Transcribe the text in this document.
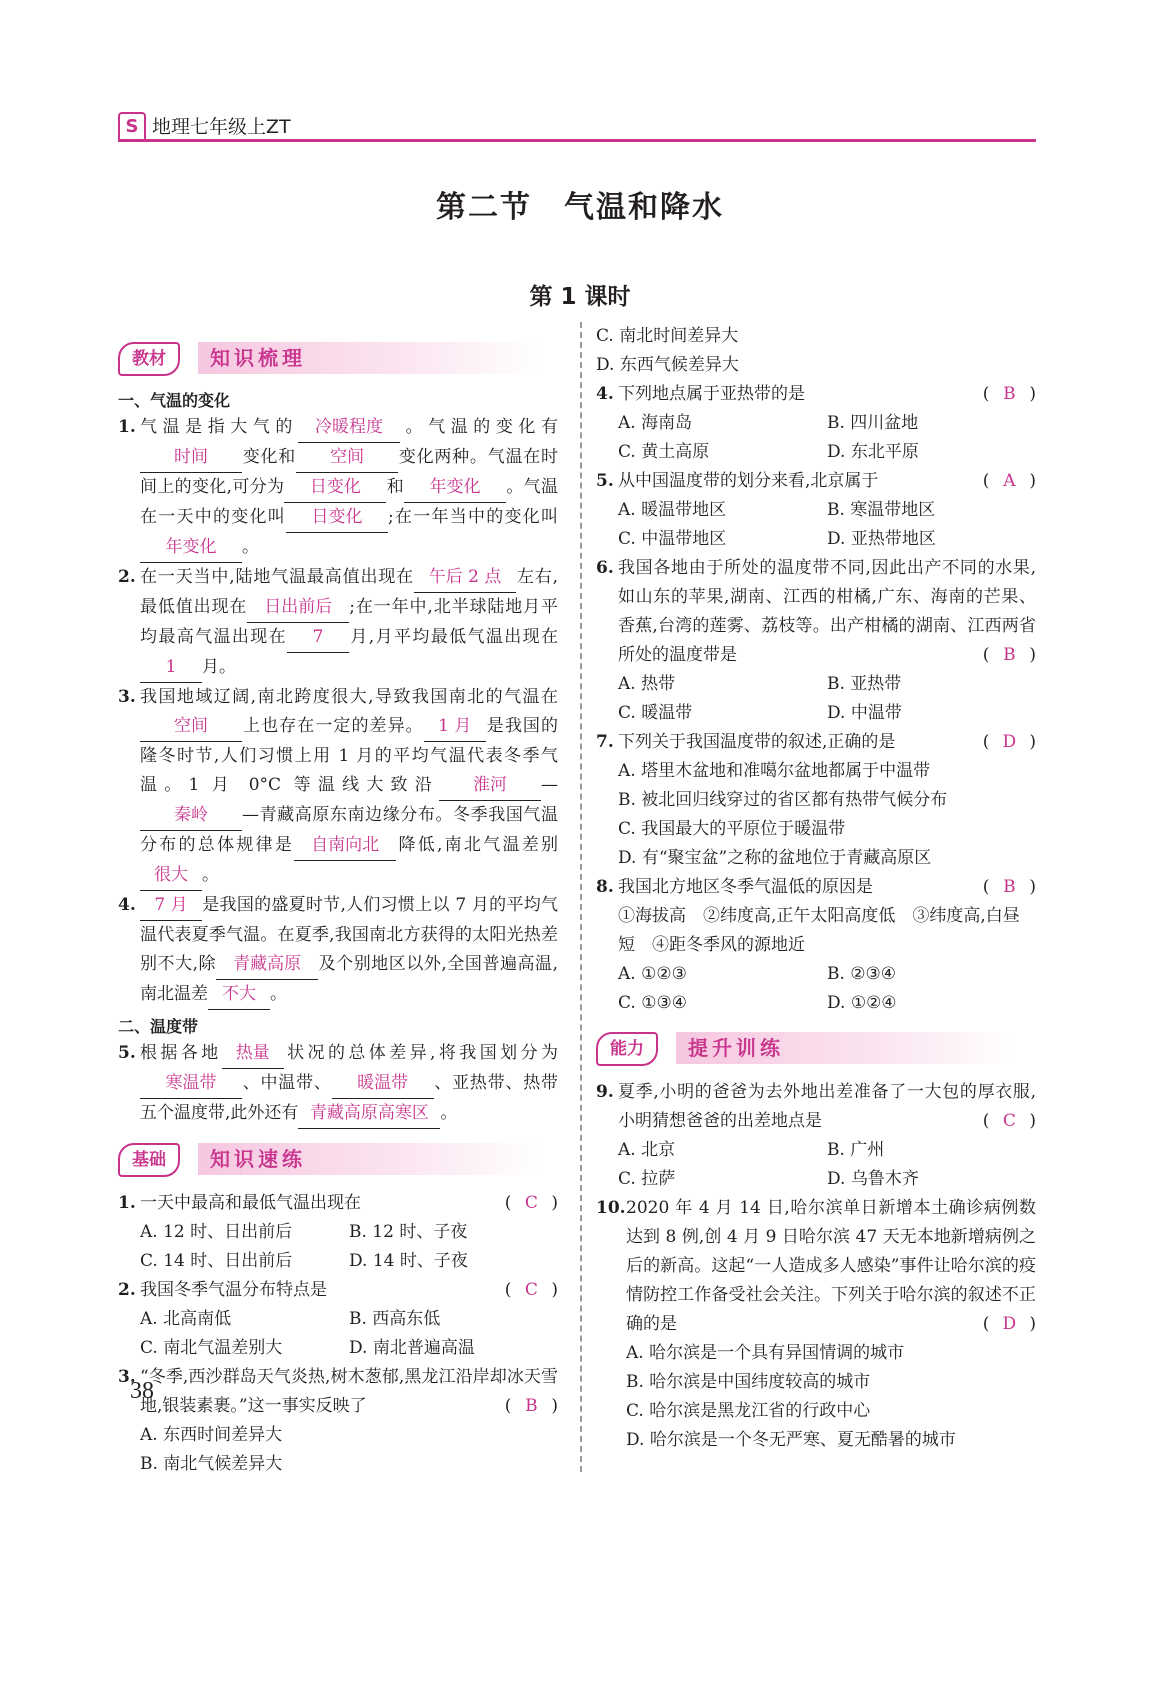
S 地理七年级上ZT
第二节　气温和降水
第 1 课时
教材	知识梳理
一、气温的变化
1. 气温是指大气的 冷暖程度 。气温的变化有时间 变化和 空间 变化两种。气温在时间上的变化,可分为 日变化 和 年变化 。气温在一天中的变化叫 日变化 ;在一年当中的变化叫年变化 。
2. 在一天当中,陆地气温最高值出现在 午后 2 点 左右,最低值出现在 日出前后 ;在一年中,北半球陆地月平均最高气温出现在 7 月,月平均最低气温出现在1 月。
3. 我国地域辽阔,南北跨度很大,导致我国南北的气温在空间 上也存在一定的差异。 1 月 是我国的隆冬时节,人们习惯上用 1 月的平均气温代表冬季气温。1 月 0°C 等温线大致沿 淮河 —秦岭 —青藏高原东南边缘分布。冬季我国气温分布的总体规律是 自南向北 降低,南北气温差别很大 。
4. 7 月 是我国的盛夏时节,人们习惯上以 7 月的平均气温代表夏季气温。在夏季,我国南北方获得的太阳光热差别不大,除 青藏高原 及个别地区以外,全国普遍高温,南北温差 不大 。
二、温度带
5. 根据各地 热量 状况的总体差异,将我国划分为寒温带 、中温带、 暖温带 、亚热带、热带五个温度带,此外还有 青藏高原高寒区 。
基础	知识速练
1. 一天中最高和最低气温出现在	( C )
A. 12 时、日出前后	B. 12 时、子夜
C. 14 时、日出前后	D. 14 时、子夜
2. 我国冬季气温分布特点是	( C )
A. 北高南低	B. 西高东低
C. 南北气温差别大	D. 南北普遍高温
3. “冬季,西沙群岛天气炎热,树木葱郁,黑龙江沿岸却冰天雪地,银装素裹。”这一事实反映了	( B )
A. 东西时间差异大
B. 南北气候差异大
C. 南北时间差异大
D. 东西气候差异大
4. 下列地点属于亚热带的是	( B )
A. 海南岛	B. 四川盆地
C. 黄土高原	D. 东北平原
5. 从中国温度带的划分来看,北京属于	( A )
A. 暖温带地区	B. 寒温带地区
C. 中温带地区	D. 亚热带地区
6. 我国各地由于所处的温度带不同,因此出产不同的水果,如山东的苹果,湖南、江西的柑橘,广东、海南的芒果、香蕉,台湾的莲雾、荔枝等。出产柑橘的湖南、江西两省所处的温度带是	( B )
A. 热带	B. 亚热带
C. 暖温带	D. 中温带
7. 下列关于我国温度带的叙述,正确的是	( D )
A. 塔里木盆地和准噶尔盆地都属于中温带
B. 被北回归线穿过的省区都有热带气候分布
C. 我国最大的平原位于暖温带
D. 有“聚宝盆”之称的盆地位于青藏高原区
8. 我国北方地区冬季气温低的原因是	( B )
①海拔高　②纬度高,正午太阳高度低　③纬度高,白昼短　④距冬季风的源地近
A. ①②③	B. ②③④
C. ①③④	D. ①②④
能力	提升训练
9. 夏季,小明的爸爸为去外地出差准备了一大包的厚衣服,小明猜想爸爸的出差地点是	( C )
A. 北京	B. 广州
C. 拉萨	D. 乌鲁木齐
10. 2020 年 4 月 14 日,哈尔滨单日新增本土确诊病例数达到 8 例,创 4 月 9 日哈尔滨 47 天无本地新增病例之后的新高。这起“一人造成多人感染”事件让哈尔滨的疫情防控工作备受社会关注。下列关于哈尔滨的叙述不正确的是	( D )
A. 哈尔滨是一个具有异国情调的城市
B. 哈尔滨是中国纬度较高的城市
C. 哈尔滨是黑龙江省的行政中心
D. 哈尔滨是一个冬无严寒、夏无酷暑的城市
38
